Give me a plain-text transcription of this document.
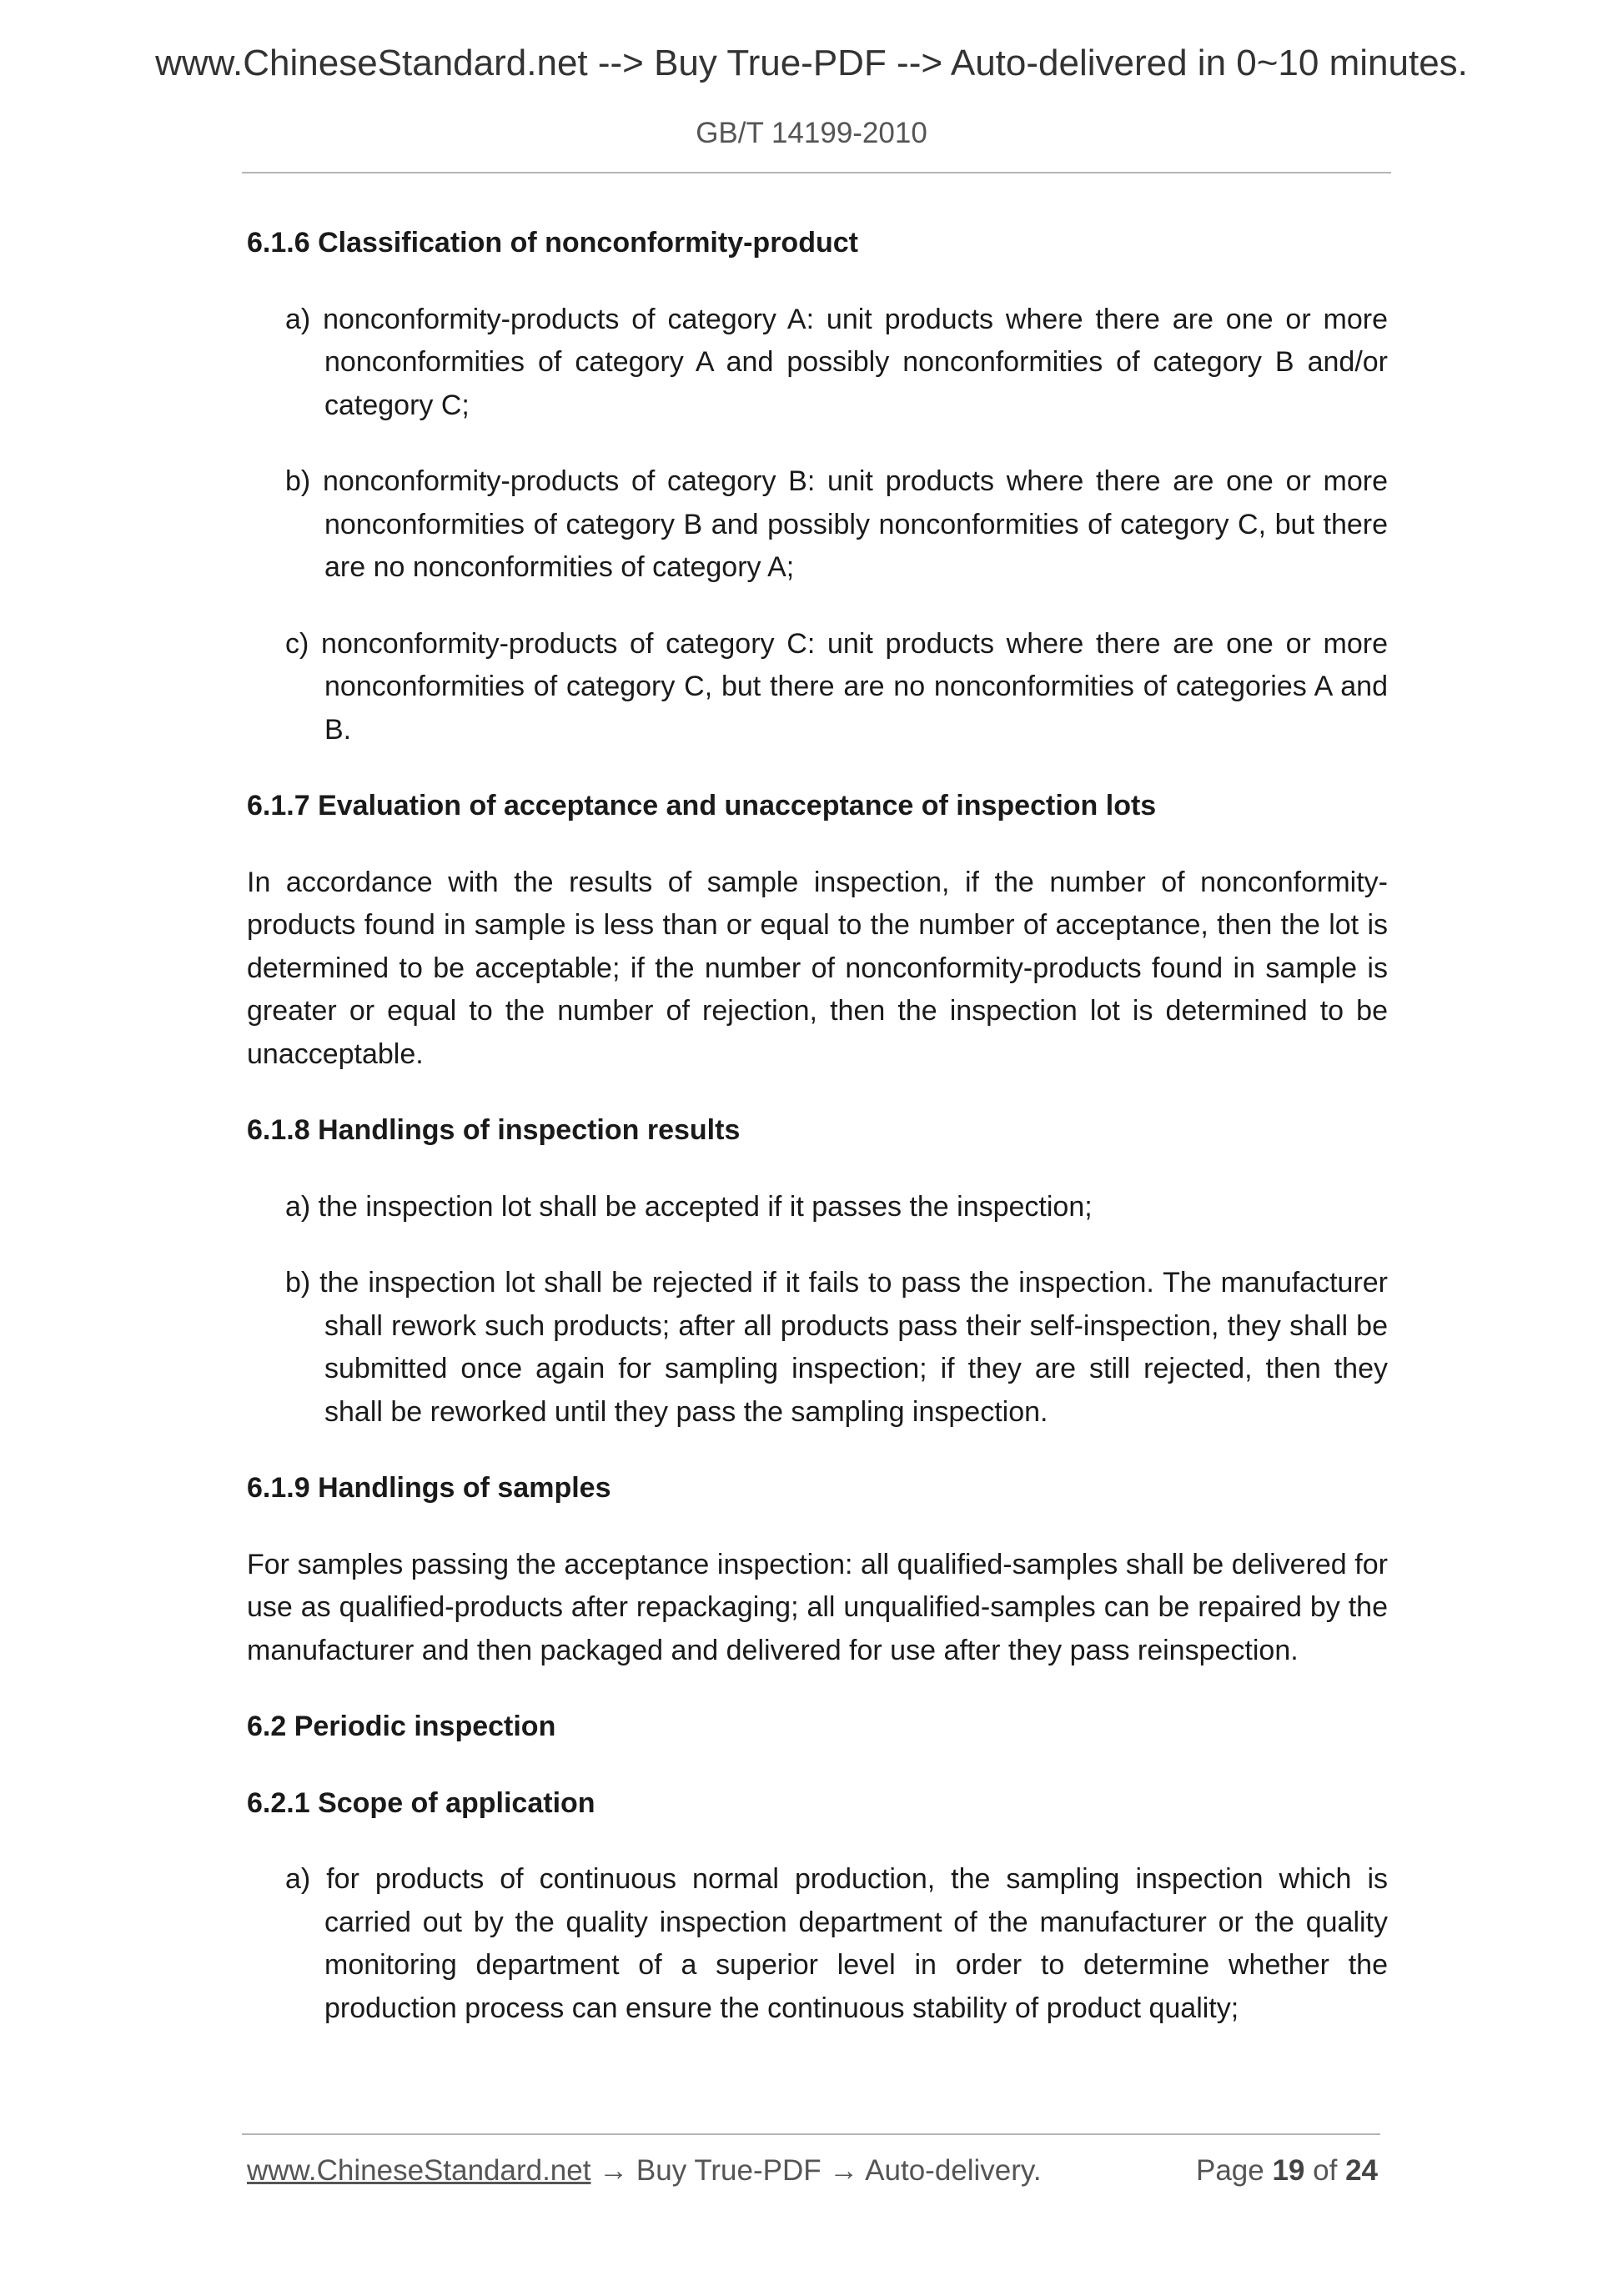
www.ChineseStandard.net --> Buy True-PDF --> Auto-delivered in 0~10 minutes.
GB/T 14199-2010

6.1.6 Classification of nonconformity-product

a) nonconformity-products of category A: unit products where there are one or more nonconformities of category A and possibly nonconformities of category B and/or category C;

b) nonconformity-products of category B: unit products where there are one or more nonconformities of category B and possibly nonconformities of category C, but there are no nonconformities of category A;

c) nonconformity-products of category C: unit products where there are one or more nonconformities of category C, but there are no nonconformities of categories A and B.

6.1.7 Evaluation of acceptance and unacceptance of inspection lots

In accordance with the results of sample inspection, if the number of nonconformity-products found in sample is less than or equal to the number of acceptance, then the lot is determined to be acceptable; if the number of nonconformity-products found in sample is greater or equal to the number of rejection, then the inspection lot is determined to be unacceptable.

6.1.8 Handlings of inspection results

a) the inspection lot shall be accepted if it passes the inspection;

b) the inspection lot shall be rejected if it fails to pass the inspection. The manufacturer shall rework such products; after all products pass their self-inspection, they shall be submitted once again for sampling inspection; if they are still rejected, then they shall be reworked until they pass the sampling inspection.

6.1.9 Handlings of samples

For samples passing the acceptance inspection: all qualified-samples shall be delivered for use as qualified-products after repackaging; all unqualified-samples can be repaired by the manufacturer and then packaged and delivered for use after they pass reinspection.

6.2 Periodic inspection

6.2.1 Scope of application

a) for products of continuous normal production, the sampling inspection which is carried out by the quality inspection department of the manufacturer or the quality monitoring department of a superior level in order to determine whether the production process can ensure the continuous stability of product quality;

www.ChineseStandard.net → Buy True-PDF → Auto-delivery.	Page 19 of 24
